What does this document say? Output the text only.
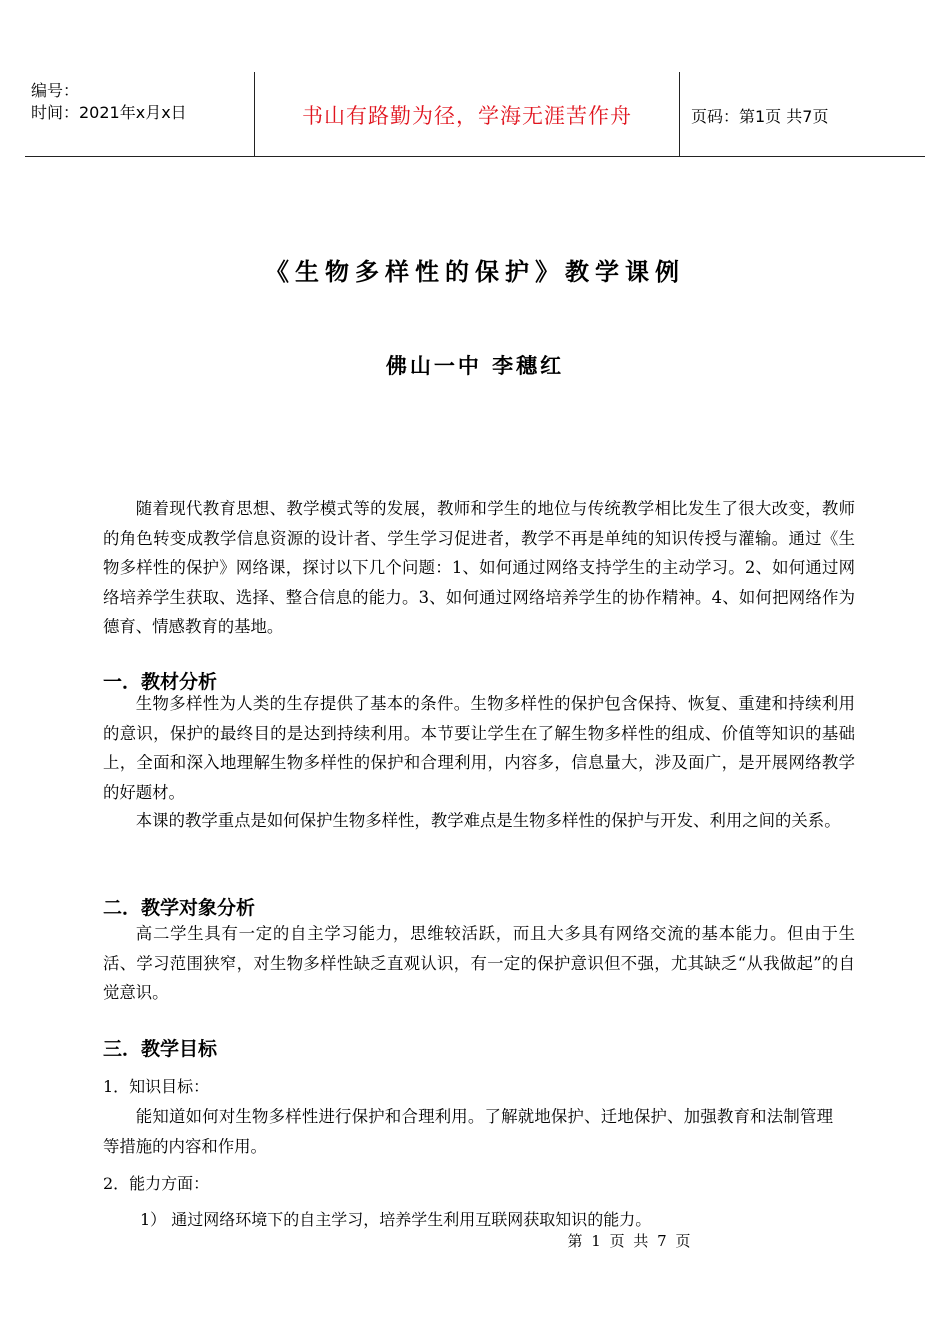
编号：
时间：2021年x月x日	书山有路勤为径，学海无涯苦作舟	页码：第1页 共7页
《生物多样性的保护》教学课例
佛山一中 李穗红

随着现代教育思想、教学模式等的发展，教师和学生的地位与传统教学相比发生了很大改变，教师的角色转变成教学信息资源的设计者、学生学习促进者，教学不再是单纯的知识传授与灌输。通过《生物多样性的保护》网络课，探讨以下几个问题：1、如何通过网络支持学生的主动学习。2、如何通过网络培养学生获取、选择、整合信息的能力。3、如何通过网络培养学生的协作精神。4、如何把网络作为德育、情感教育的基地。

一．教材分析

生物多样性为人类的生存提供了基本的条件。生物多样性的保护包含保持、恢复、重建和持续利用的意识，保护的最终目的是达到持续利用。本节要让学生在了解生物多样性的组成、价值等知识的基础上，全面和深入地理解生物多样性的保护和合理利用，内容多，信息量大，涉及面广，是开展网络教学的好题材。

本课的教学重点是如何保护生物多样性，教学难点是生物多样性的保护与开发、利用之间的关系。

二．教学对象分析

高二学生具有一定的自主学习能力，思维较活跃，而且大多具有网络交流的基本能力。但由于生活、学习范围狭窄，对生物多样性缺乏直观认识，有一定的保护意识但不强，尤其缺乏“从我做起”的自觉意识。

三．教学目标

1．知识目标：

能知道如何对生物多样性进行保护和合理利用。了解就地保护、迁地保护、加强教育和法制管理等措施的内容和作用。

2．能力方面：

1） 通过网络环境下的自主学习，培养学生利用互联网获取知识的能力。

第 1 页 共 7 页
